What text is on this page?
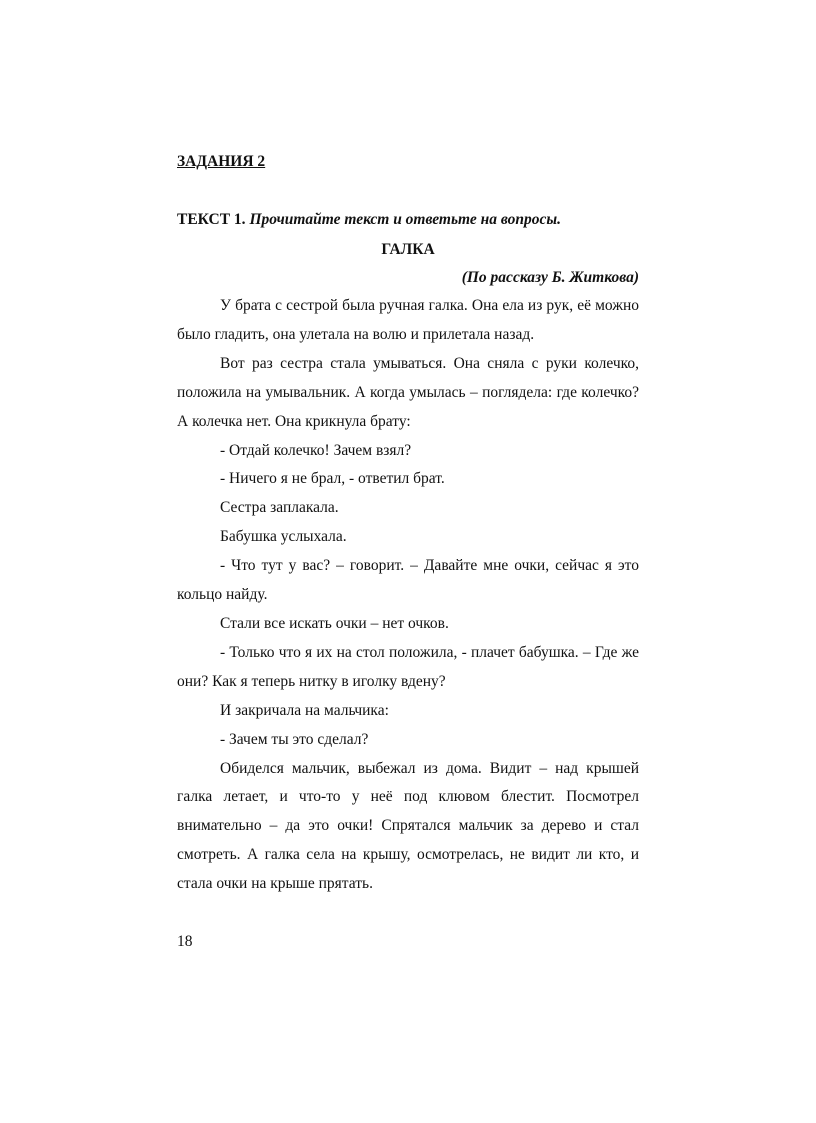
ЗАДАНИЯ 2

ТЕКСТ 1. Прочитайте текст и ответьте на вопросы.

ГАЛКА

(По рассказу Б. Житкова)

У брата с сестрой была ручная галка. Она ела из рук, её можно было гладить, она улетала на волю и прилетала назад.

Вот раз сестра стала умываться. Она сняла с руки колечко, положила на умывальник. А когда умылась – поглядела: где колечко? А колечка нет. Она крикнула брату:

- Отдай колечко! Зачем взял?

- Ничего я не брал, - ответил брат.

Сестра заплакала.

Бабушка услыхала.

- Что тут у вас? – говорит. – Давайте мне очки, сейчас я это кольцо найду.

Стали все искать очки – нет очков.

- Только что я их на стол положила, - плачет бабушка. – Где же они? Как я теперь нитку в иголку вдену?

И закричала на мальчика:

- Зачем ты это сделал?

Обиделся мальчик, выбежал из дома. Видит – над крышей галка летает, и что-то у неё под клювом блестит. Посмотрел внимательно – да это очки! Спрятался мальчик за дерево и стал смотреть. А галка села на крышу, осмотрелась, не видит ли кто, и стала очки на крыше прятать.

18
